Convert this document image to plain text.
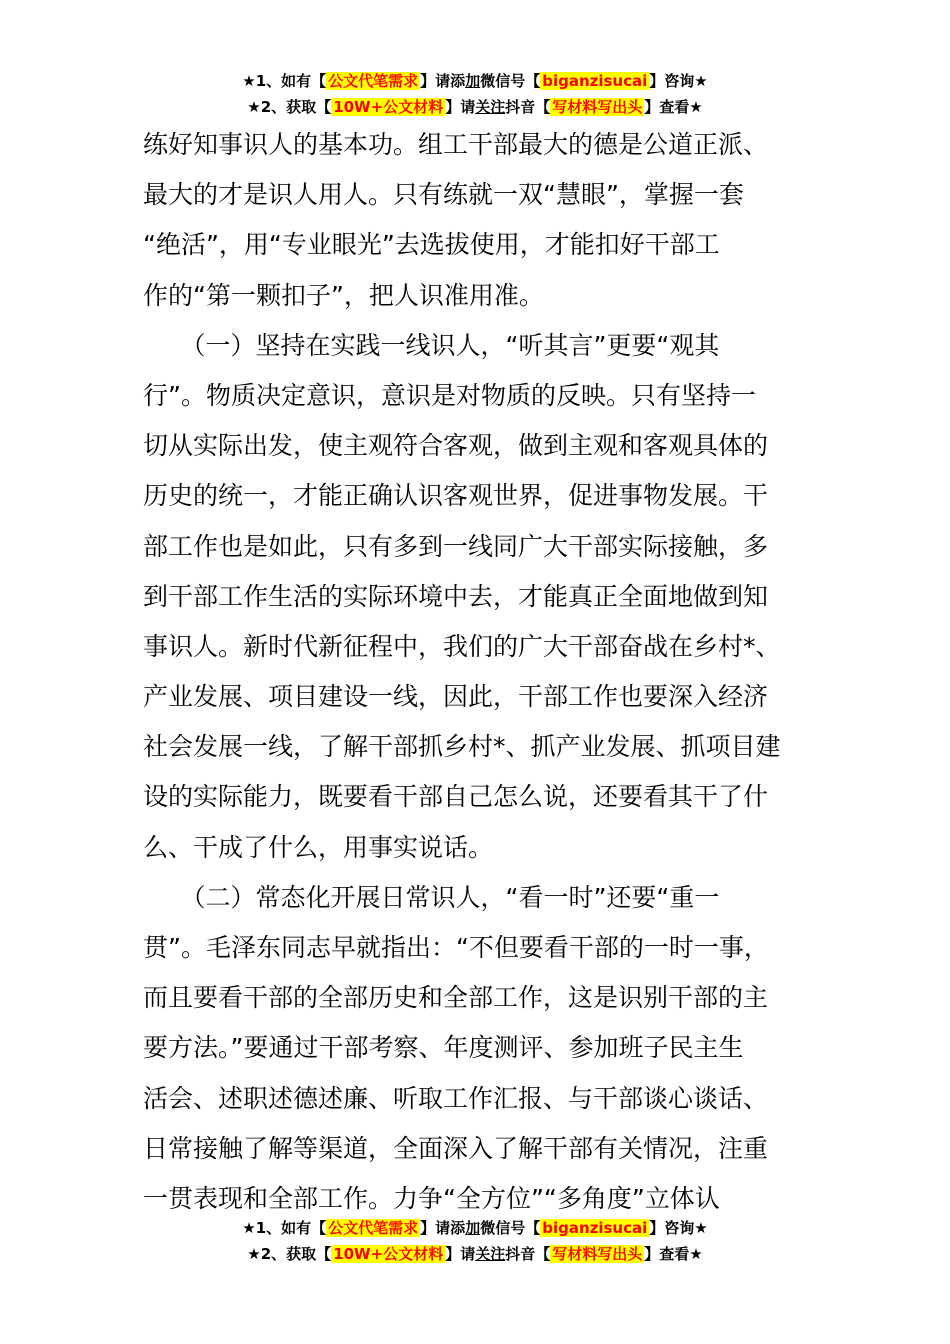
★1、如有【 公文代笔需求 】请添加微信号【 biganzisucai 】咨询★
★2、获取【 10W+公文材料 】请关注抖音【 写材料写出头 】查看★
练好知事识人的基本功。组工干部最大的德是公道正派、
最大的才是识人用人。只有练就一双“慧眼”，掌握一套
“绝活”，用“专业眼光”去选拔使用，才能扣好干部工
作的“第一颗扣子”，把人识准用准。
　　（一）坚持在实践一线识人，“听其言”更要“观其
行”。物质决定意识，意识是对物质的反映。只有坚持一
切从实际出发，使主观符合客观，做到主观和客观具体的
历史的统一，才能正确认识客观世界，促进事物发展。干
部工作也是如此，只有多到一线同广大干部实际接触，多
到干部工作生活的实际环境中去，才能真正全面地做到知
事识人。新时代新征程中，我们的广大干部奋战在乡村*、
产业发展、项目建设一线，因此，干部工作也要深入经济
社会发展一线，了解干部抓乡村*、抓产业发展、抓项目建
设的实际能力，既要看干部自己怎么说，还要看其干了什
么、干成了什么，用事实说话。
　　（二）常态化开展日常识人，“看一时”还要“重一
贯”。毛泽东同志早就指出：“不但要看干部的一时一事，
而且要看干部的全部历史和全部工作，这是识别干部的主
要方法。”要通过干部考察、年度测评、参加班子民主生
活会、述职述德述廉、听取工作汇报、与干部谈心谈话、
日常接触了解等渠道，全面深入了解干部有关情况，注重
一贯表现和全部工作。力争“全方位”“多角度”立体认
★1、如有【 公文代笔需求 】请添加微信号【 biganzisucai 】咨询★
★2、获取【 10W+公文材料 】请关注抖音【 写材料写出头 】查看★
